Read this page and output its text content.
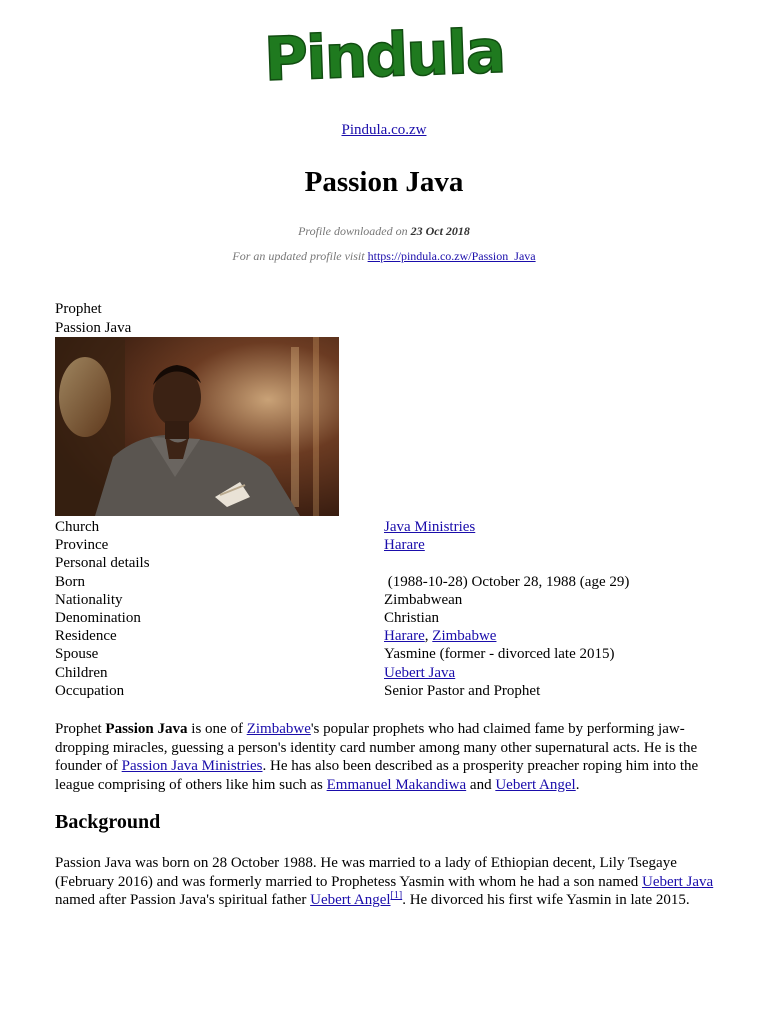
Pindula
Pindula.co.zw
Passion Java
Profile downloaded on 23 Oct 2018
For an updated profile visit https://pindula.co.zw/Passion_Java
Prophet
Passion Java
Church	Java Ministries
Province	Harare
Personal details	
Born	(1988-10-28) October 28, 1988 (age 29)
Nationality	Zimbabwean
Denomination	Christian
Residence	Harare, Zimbabwe
Spouse	Yasmine (former - divorced late 2015)
Children	Uebert Java
Occupation	Senior Pastor and Prophet

Prophet Passion Java is one of Zimbabwe's popular prophets who had claimed fame by performing jaw-dropping miracles, guessing a person's identity card number among many other supernatural acts. He is the founder of Passion Java Ministries. He has also been described as a prosperity preacher roping him into the league comprising of others like him such as Emmanuel Makandiwa and Uebert Angel.

Background

Passion Java was born on 28 October 1988. He was married to a lady of Ethiopian decent, Lily Tsegaye (February 2016) and was formerly married to Prophetess Yasmin with whom he had a son named Uebert Java named after Passion Java's spiritual father Uebert Angel[1]. He divorced his first wife Yasmin in late 2015.
